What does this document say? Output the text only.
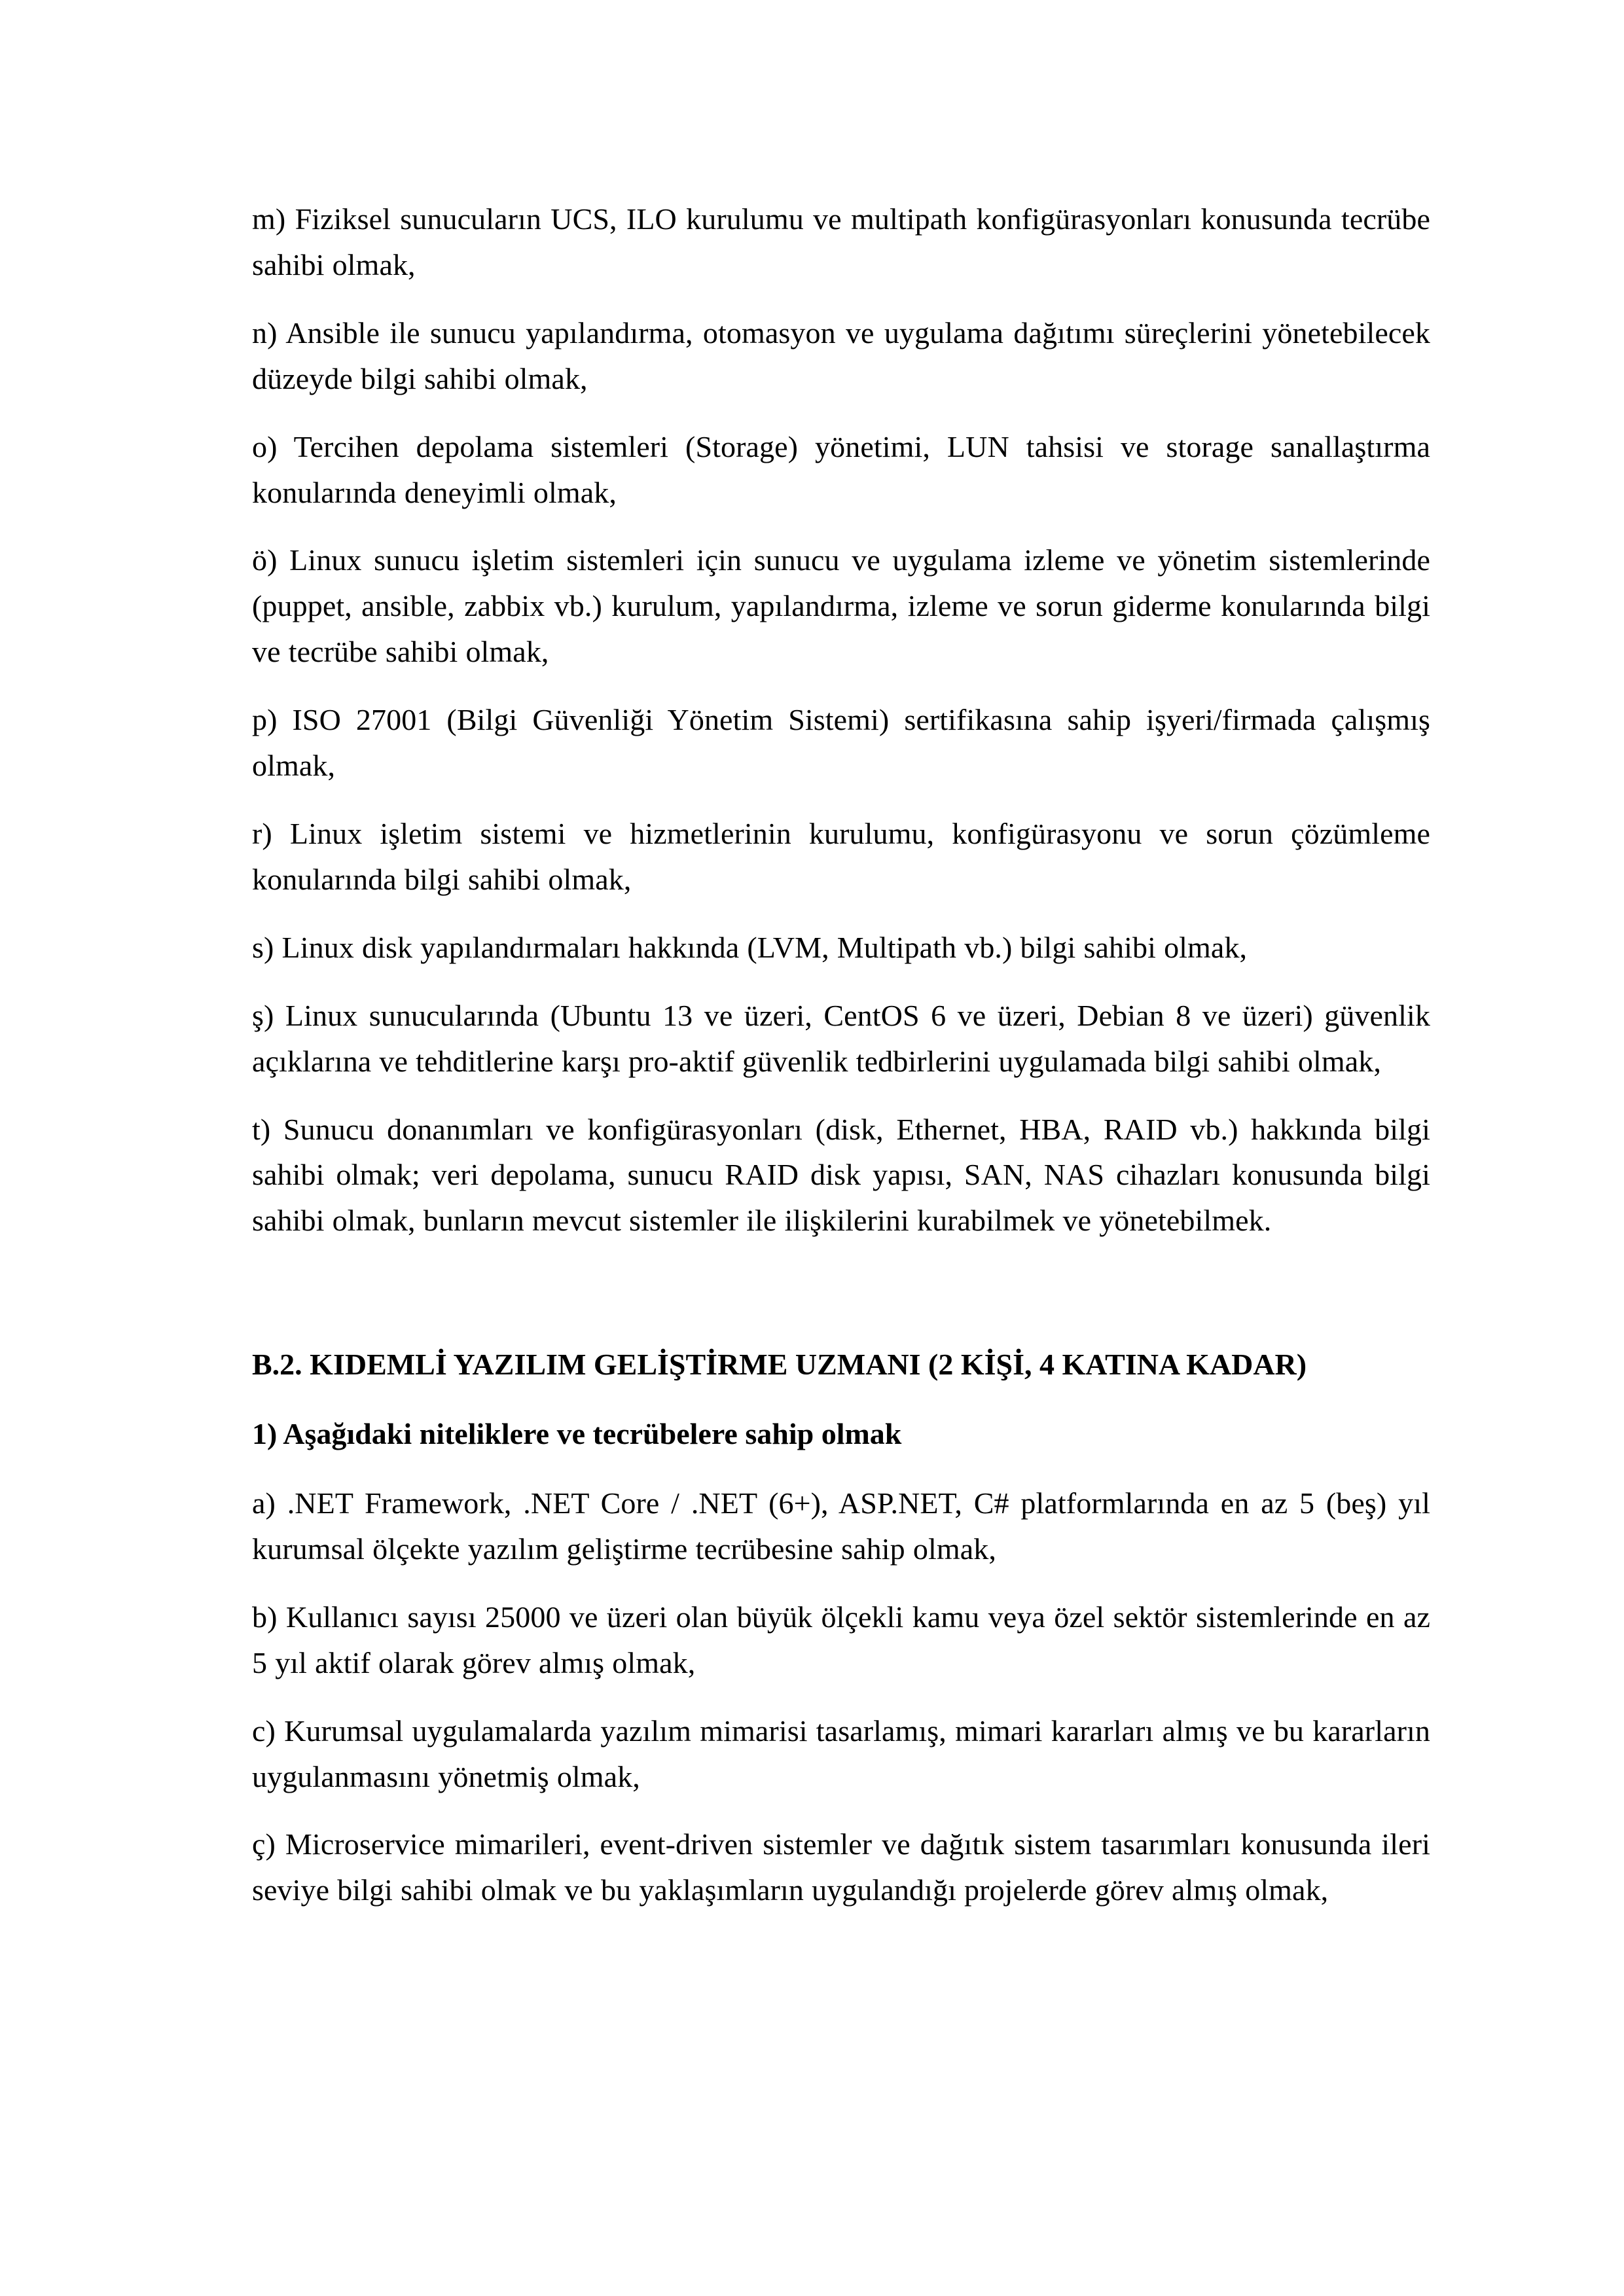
m) Fiziksel sunucuların UCS, ILO kurulumu ve multipath konfigürasyonları konusunda tecrübe sahibi olmak,

n) Ansible ile sunucu yapılandırma, otomasyon ve uygulama dağıtımı süreçlerini yönetebilecek düzeyde bilgi sahibi olmak,

o) Tercihen depolama sistemleri (Storage) yönetimi, LUN tahsisi ve storage sanallaştırma konularında deneyimli olmak,

ö) Linux sunucu işletim sistemleri için sunucu ve uygulama izleme ve yönetim sistemlerinde (puppet, ansible, zabbix vb.) kurulum, yapılandırma, izleme ve sorun giderme konularında bilgi ve tecrübe sahibi olmak,

p) ISO 27001 (Bilgi Güvenliği Yönetim Sistemi) sertifikasına sahip işyeri/firmada çalışmış olmak,

r) Linux işletim sistemi ve hizmetlerinin kurulumu, konfigürasyonu ve sorun çözümleme konularında bilgi sahibi olmak,

s) Linux disk yapılandırmaları hakkında (LVM, Multipath vb.) bilgi sahibi olmak,

ş) Linux sunucularında (Ubuntu 13 ve üzeri, CentOS 6 ve üzeri, Debian 8 ve üzeri) güvenlik açıklarına ve tehditlerine karşı pro-aktif güvenlik tedbirlerini uygulamada bilgi sahibi olmak,

t) Sunucu donanımları ve konfigürasyonları (disk, Ethernet, HBA, RAID vb.) hakkında bilgi sahibi olmak; veri depolama, sunucu RAID disk yapısı, SAN, NAS cihazları konusunda bilgi sahibi olmak, bunların mevcut sistemler ile ilişkilerini kurabilmek ve yönetebilmek.

B.2. KIDEMLİ YAZILIM GELİŞTİRME UZMANI (2 KİŞİ, 4 KATINA KADAR)

1) Aşağıdaki niteliklere ve tecrübelere sahip olmak

a) .NET Framework, .NET Core / .NET (6+), ASP.NET, C# platformlarında en az 5 (beş) yıl kurumsal ölçekte yazılım geliştirme tecrübesine sahip olmak,

b) Kullanıcı sayısı 25000 ve üzeri olan büyük ölçekli kamu veya özel sektör sistemlerinde en az 5 yıl aktif olarak görev almış olmak,

c) Kurumsal uygulamalarda yazılım mimarisi tasarlamış, mimari kararları almış ve bu kararların uygulanmasını yönetmiş olmak,

ç) Microservice mimarileri, event-driven sistemler ve dağıtık sistem tasarımları konusunda ileri seviye bilgi sahibi olmak ve bu yaklaşımların uygulandığı projelerde görev almış olmak,
